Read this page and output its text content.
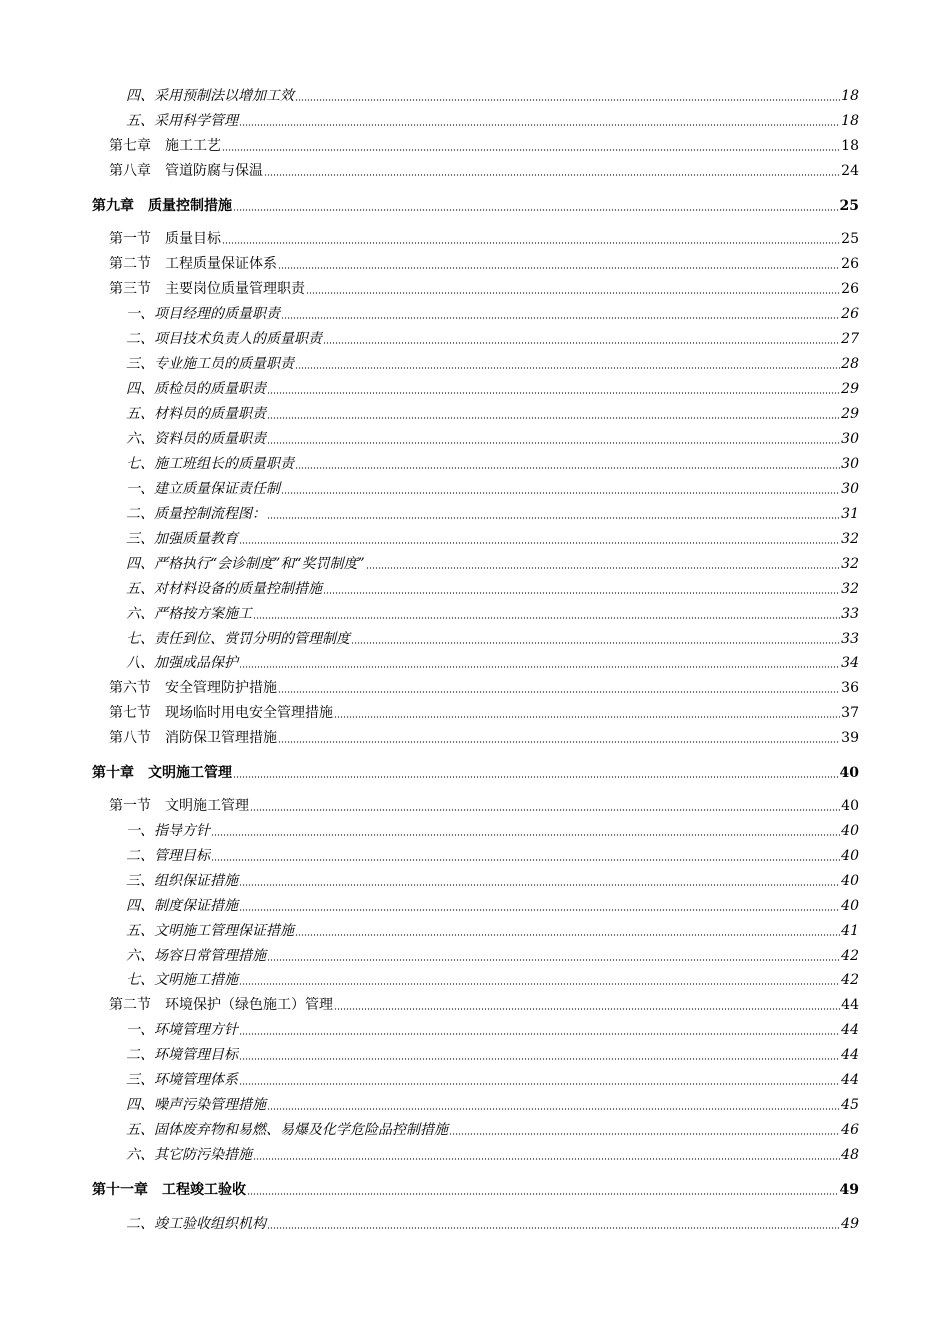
四、采用预制法以增加工效	18
五、采用科学管理	18
第七章　施工工艺	18
第八章　管道防腐与保温	24
第九章　质量控制措施	25
第一节　质量目标	25
第二节　工程质量保证体系	26
第三节　主要岗位质量管理职责	26
一、项目经理的质量职责	26
二、项目技术负责人的质量职责	27
三、专业施工员的质量职责	28
四、质检员的质量职责	29
五、材料员的质量职责	29
六、资料员的质量职责	30
七、施工班组长的质量职责	30
一、建立质量保证责任制	30
二、质量控制流程图：	31
三、加强质量教育	32
四、严格执行“会诊制度”和“奖罚制度”	32
五、对材料设备的质量控制措施	32
六、严格按方案施工	33
七、责任到位、赏罚分明的管理制度	33
八、加强成品保护	34
第六节　安全管理防护措施	36
第七节　现场临时用电安全管理措施	37
第八节　消防保卫管理措施	39
第十章　文明施工管理	40
第一节　文明施工管理	40
一、指导方针	40
二、管理目标	40
三、组织保证措施	40
四、制度保证措施	40
五、文明施工管理保证措施	41
六、场容日常管理措施	42
七、文明施工措施	42
第二节　环境保护（绿色施工）管理	44
一、环境管理方针	44
二、环境管理目标	44
三、环境管理体系	44
四、噪声污染管理措施	45
五、固体废弃物和易燃、易爆及化学危险品控制措施	46
六、其它防污染措施	48
第十一章　工程竣工验收	49
二、竣工验收组织机构	49
